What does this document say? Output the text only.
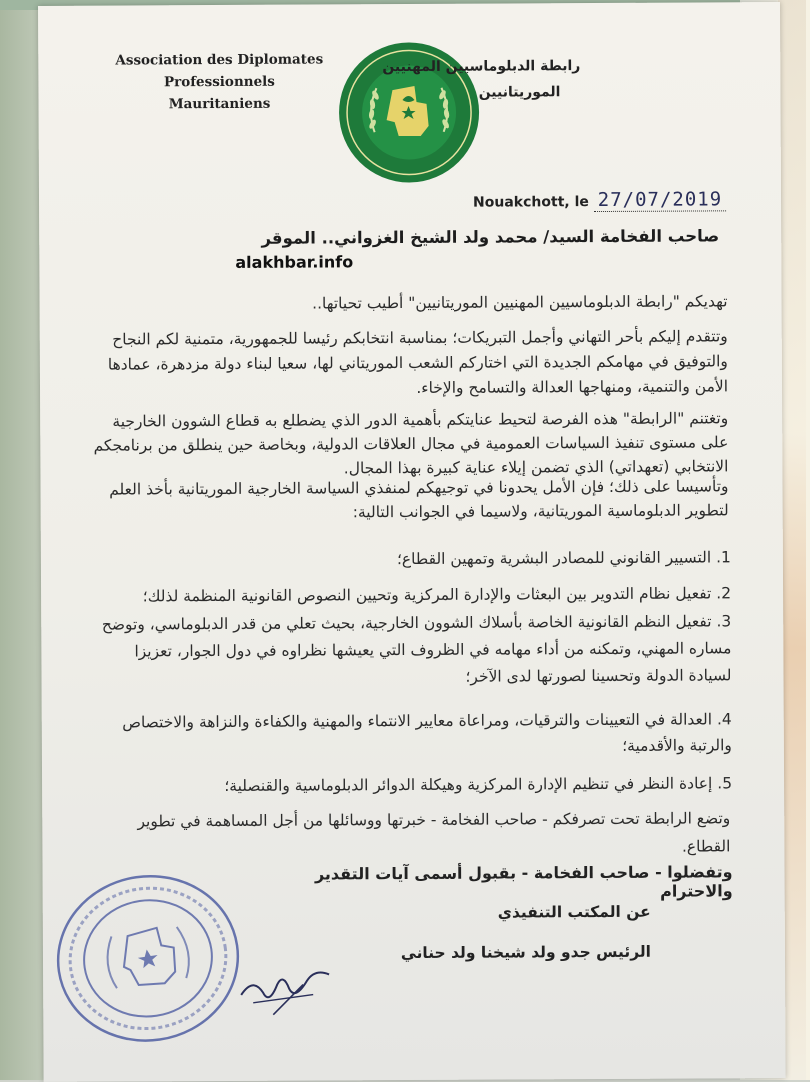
Association des Diplomates Professionnels
Mauritaniens
رابطة الدبلوماسيين المهنيين
الموريتانيين
Nouakchott, le 27/07/2019
صاحب الفخامة السيد/ محمد ولد الشيخ الغزواني.. الموقر
alakhbar.info
تهديكم "رابطة الدبلوماسيين المهنيين الموريتانيين" أطيب تحياتها..
وتتقدم إليكم بأحر التهاني وأجمل التبريكات؛ بمناسبة انتخابكم رئيسا للجمهورية، متمنية لكم النجاح والتوفيق في مهامكم الجديدة التي اختاركم الشعب الموريتاني لها، سعيا لبناء دولة مزدهرة، عمادها الأمن والتنمية، ومنهاجها العدالة والتسامح والإخاء.
وتغتنم "الرابطة" هذه الفرصة لتحيط عنايتكم بأهمية الدور الذي يضطلع به قطاع الشوون الخارجية على مستوى تنفيذ السياسات العمومية في مجال العلاقات الدولية، وبخاصة حين ينطلق من برنامجكم الانتخابي (تعهداتي) الذي تضمن إيلاء عناية كبيرة بهذا المجال.
وتأسيسا على ذلك؛ فإن الأمل يحدونا في توجيهكم لمنفذي السياسة الخارجية الموريتانية بأخذ العلم لتطوير الدبلوماسية الموريتانية، ولاسيما في الجوانب التالية:
1. التسيير القانوني للمصادر البشرية وتمهين القطاع؛
2. تفعيل نظام التدوير بين البعثات والإدارة المركزية وتحيين النصوص القانونية المنظمة لذلك؛
3. تفعيل النظم القانونية الخاصة بأسلاك الشوون الخارجية، بحيث تعلي من قدر الدبلوماسي، وتوضح مساره المهني، وتمكنه من أداء مهامه في الظروف التي يعيشها نظراوه في دول الجوار، تعزيزا لسيادة الدولة وتحسينا لصورتها لدى الآخر؛
4. العدالة في التعيينات والترقيات، ومراعاة معايير الانتماء والمهنية والكفاءة والنزاهة والاختصاص والرتبة والأقدمية؛
5. إعادة النظر في تنظيم الإدارة المركزية وهيكلة الدوائر الدبلوماسية والقنصلية؛
وتضع الرابطة تحت تصرفكم - صاحب الفخامة - خبرتها ووسائلها من أجل المساهمة في تطوير القطاع.
وتفضلوا - صاحب الفخامة - بقبول أسمى آيات التقدير والاحترام
عن المكتب التنفيذي
الرئيس جدو ولد شيخنا ولد حناني
